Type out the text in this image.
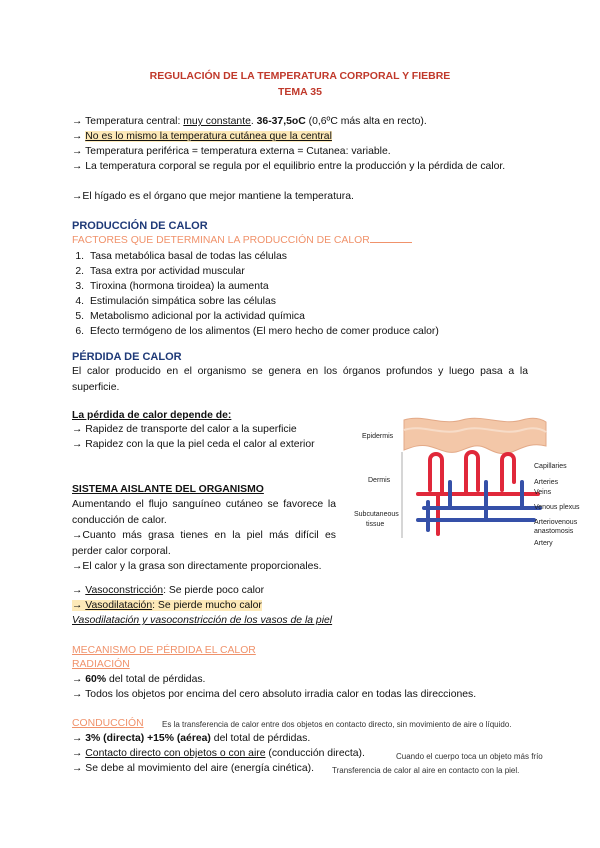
REGULACIÓN DE LA TEMPERATURA CORPORAL Y FIEBRE
TEMA 35
→ Temperatura central: muy constante. 36-37,5oC (0,6ºC más alta en recto).
→ No es lo mismo la temperatura cutánea que la central
→ Temperatura periférica = temperatura externa = Cutanea: variable.
→ La temperatura corporal se regula por el equilibrio entre la producción y la pérdida de calor.
→El hígado es el órgano que mejor mantiene la temperatura.
PRODUCCIÓN DE CALOR
FACTORES QUE DETERMINAN LA PRODUCCIÓN DE CALOR
1. Tasa metabólica basal de todas las células
2. Tasa extra por actividad muscular
3. Tiroxina (hormona tiroidea) la aumenta
4. Estimulación simpática sobre las células
5. Metabolismo adicional por la actividad química
6. Efecto termógeno de los alimentos (El mero hecho de comer produce calor)
PÉRDIDA DE CALOR
El calor producido en el organismo se genera en los órganos profundos y luego pasa a la superficie.
La pérdida de calor depende de:
→ Rapidez de transporte del calor a la superficie
→ Rapidez con la que la piel ceda el calor al exterior
SISTEMA AISLANTE DEL ORGANISMO
Aumentando el flujo sanguíneo cutáneo se favorece la conducción de calor.
→Cuanto más grasa tienes en la piel más difícil es perder calor corporal.
→El calor y la grasa son directamente proporcionales.
→ Vasoconstricción: Se pierde poco calor
→ Vasodilatación: Se pierde mucho calor
Vasodilatación y vasoconstricción de los vasos de la piel
Epidermis
Dermis
Subcutaneous
tissue
Capillaries
Arteries
Veins
Venous plexus
Arteriovenous
anastomosis
Artery
MECANISMO DE PÉRDIDA EL CALOR
RADIACIÓN
→ 60% del total de pérdidas.
→ Todos los objetos por encima del cero absoluto irradia calor en todas las direcciones.
CONDUCCIÓN Es la transferencia de calor entre dos objetos en contacto directo, sin movimiento de aire o líquido.
→ 3% (directa) +15% (aérea) del total de pérdidas.
→ Contacto directo con objetos o con aire (conducción directa).	Cuando el cuerpo toca un objeto más frío
→ Se debe al movimiento del aire (energía cinética). Transferencia de calor al aire en contacto con la piel.
